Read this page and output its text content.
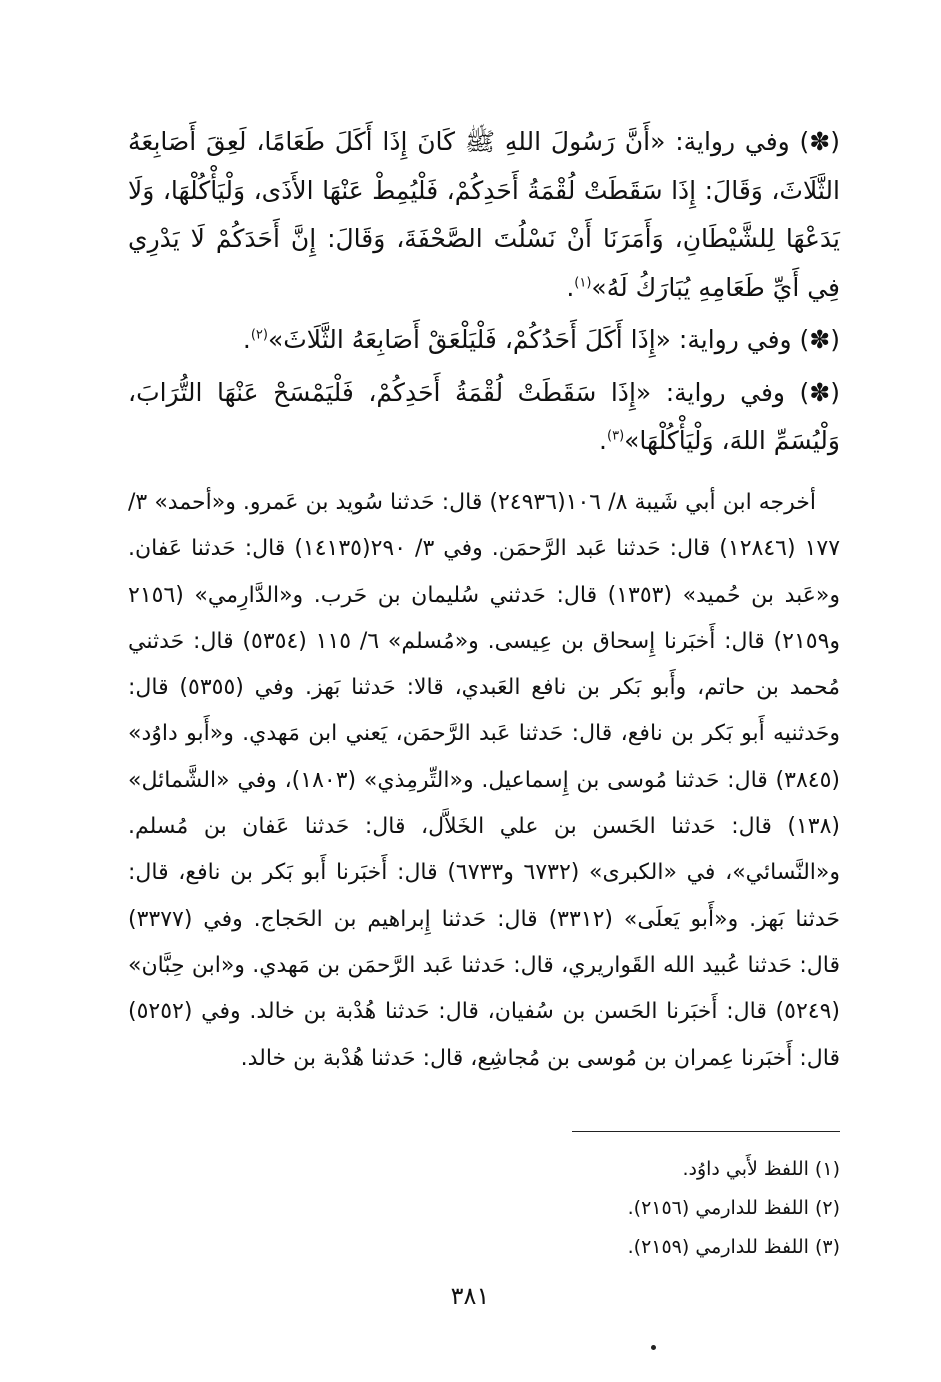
(✽) وفي رواية: «أَنَّ رَسُولَ اللهِ ﷺ كَانَ إِذَا أَكَلَ طَعَامًا، لَعِقَ أَصَابِعَهُ الثَّلَاثَ، وَقَالَ: إِذَا سَقَطَتْ لُقْمَةُ أَحَدِكُمْ، فَلْيُمِطْ عَنْهَا الأَذَى، وَلْيَأْكُلْهَا، وَلَا يَدَعْهَا لِلشَّيْطَانِ، وَأَمَرَنَا أَنْ نَسْلُتَ الصَّحْفَةَ، وَقَالَ: إِنَّ أَحَدَكُمْ لَا يَدْرِي فِي أَيِّ طَعَامِهِ يُبَارَكُ لَهُ»$^{(١)}$.

(✽) وفي رواية: «إِذَا أَكَلَ أَحَدُكُمْ، فَلْيَلْعَقْ أَصَابِعَهُ الثَّلَاثَ»$^{(٢)}$.

(✽) وفي رواية: «إِذَا سَقَطَتْ لُقْمَةُ أَحَدِكُمْ، فَلْيَمْسَحْ عَنْهَا التُّرَابَ، وَلْيُسَمِّ اللهَ، وَلْيَأْكُلْهَا»$^{(٣)}$.

أخرجه ابن أبي شَيبة ٨/ ١٠٦(٢٤٩٣٦) قال: حَدثنا سُويد بن عَمرو. و«أحمد» ٣/ ١٧٧ (١٢٨٤٦) قال: حَدثنا عَبد الرَّحمَن. وفي ٣/ ٢٩٠(١٤١٣٥) قال: حَدثنا عَفان. و«عَبد بن حُميد» (١٣٥٣) قال: حَدثني سُليمان بن حَرب. و«الدَّارِمي» (٢١٥٦ و٢١٥٩) قال: أَخبَرنا إِسحاق بن عِيسى. و«مُسلم» ٦/ ١١٥ (٥٣٥٤) قال: حَدثني مُحمد بن حاتم، وأَبو بَكر بن نافع العَبدي، قالا: حَدثنا بَهز. وفي (٥٣٥٥) قال: وحَدثنيه أَبو بَكر بن نافع، قال: حَدثنا عَبد الرَّحمَن، يَعني ابن مَهدي. و«أَبو داوُد» (٣٨٤٥) قال: حَدثنا مُوسى بن إِسماعيل. و«التِّرمِذي» (١٨٠٣)، وفي «الشَّمائل» (١٣٨) قال: حَدثنا الحَسن بن علي الخَلاَّل، قال: حَدثنا عَفان بن مُسلم. و«النَّسائي»، في «الكبرى» (٦٧٣٢ و٦٧٣٣) قال: أَخبَرنا أَبو بَكر بن نافع، قال: حَدثنا بَهز. و«أَبو يَعلَى» (٣٣١٢) قال: حَدثنا إِبراهيم بن الحَجاج. وفي (٣٣٧٧) قال: حَدثنا عُبيد الله القَواريري، قال: حَدثنا عَبد الرَّحمَن بن مَهدي. و«ابن حِبَّان» (٥٢٤٩) قال: أَخبَرنا الحَسن بن سُفيان، قال: حَدثنا هُدْبة بن خالد. وفي (٥٢٥٢) قال: أَخبَرنا عِمران بن مُوسى بن مُجاشِع، قال: حَدثنا هُدْبة بن خالد.

(١) اللفظ لأَبي داوُد.
(٢) اللفظ للدارمي (٢١٥٦).
(٣) اللفظ للدارمي (٢١٥٩).
٣٨١
